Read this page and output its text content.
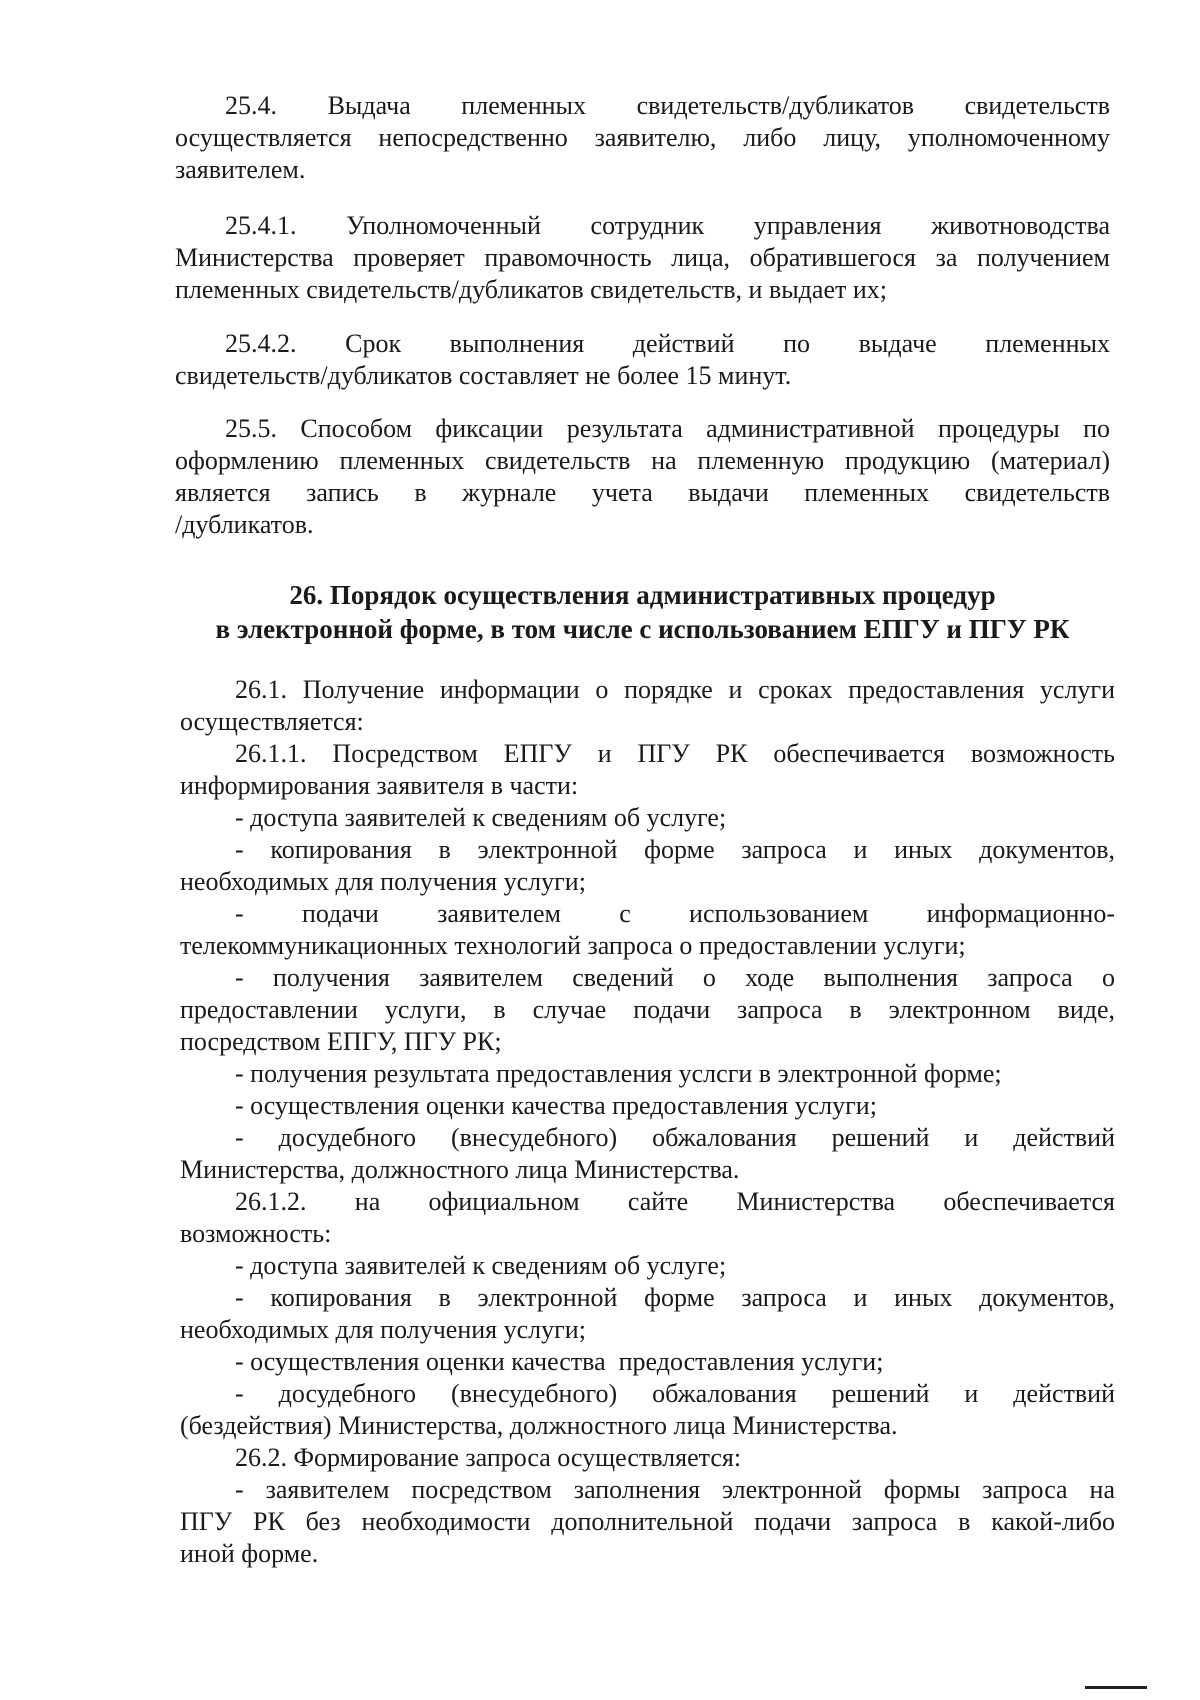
25.4. Выдача племенных свидетельств/дубликатов свидетельств
осуществляется непосредственно заявителю, либо лицу, уполномоченному
заявителем.
25.4.1. Уполномоченный сотрудник управления животноводства
Министерства проверяет правомочность лица, обратившегося за получением
племенных свидетельств/дубликатов свидетельств, и выдает их;
25.4.2. Срок выполнения действий по выдаче племенных
свидетельств/дубликатов составляет не более 15 минут.
25.5. Способом фиксации результата административной процедуры по
оформлению племенных свидетельств на племенную продукцию (материал)
является запись в журнале учета выдачи племенных свидетельств
/дубликатов.
26. Порядок осуществления административных процедур
в электронной форме, в том числе с использованием ЕПГУ и ПГУ РК
26.1. Получение информации о порядке и сроках предоставления услуги
осуществляется:
26.1.1. Посредством ЕПГУ и ПГУ РК обеспечивается возможность
информирования заявителя в части:
- доступа заявителей к сведениям об услуге;
- копирования в электронной форме запроса и иных документов,
необходимых для получения услуги;
- подачи заявителем с использованием информационно-
телекоммуникационных технологий запроса о предоставлении услуги;
- получения заявителем сведений о ходе выполнения запроса о
предоставлении услуги, в случае подачи запроса в электронном виде,
посредством ЕПГУ, ПГУ РК;
- получения результата предоставления услсги в электронной форме;
- осуществления оценки качества предоставления услуги;
- досудебного (внесудебного) обжалования решений и действий
Министерства, должностного лица Министерства.
26.1.2. на официальном сайте Министерства обеспечивается
возможность:
- доступа заявителей к сведениям об услуге;
- копирования в электронной форме запроса и иных документов,
необходимых для получения услуги;
- осуществления оценки качества  предоставления услуги;
- досудебного (внесудебного) обжалования решений и действий
(бездействия) Министерства, должностного лица Министерства.
26.2. Формирование запроса осуществляется:
- заявителем посредством заполнения электронной формы запроса на
ПГУ РК без необходимости дополнительной подачи запроса в какой-либо
иной форме.
